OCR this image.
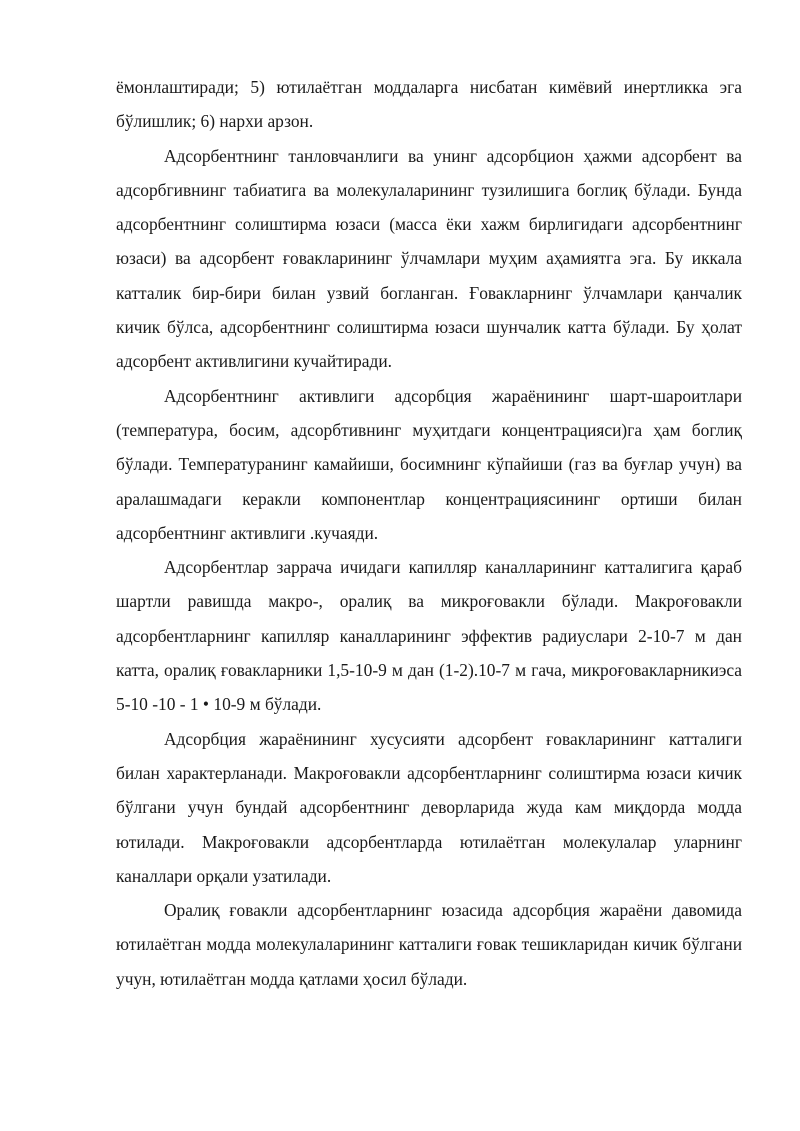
ёмонлаштиради; 5) ютилаётган моддаларга нисбатан кимёвий инертликка эга бўлишлик; 6) нархи арзон.

Адсорбентнинг танловчанлиги ва унинг адсорбцион ҳажми адсорбент ва адсорбгивнинг табиатига ва молекулаларининг тузилишига боглиқ бўлади. Бунда адсорбентнинг солиштирма юзаси (масса ёки хажм бирлигидаги адсорбентнинг юзаси) ва адсорбент ғовакларининг ўлчамлари муҳим аҳамиятга эга. Бу иккала катталик бир-бири билан узвий богланган. Ғовакларнинг ўлчамлари қанчалик кичик бўлса, адсорбентнинг солиштирма юзаси шунчалик катта бўлади. Бу ҳолат адсорбент активлигини кучайтиради.

Адсорбентнинг активлиги адсорбция жараёнининг шарт-шароитлари (температура, босим, адсорбтивнинг муҳитдаги концентрацияси)га ҳам боглиқ бўлади. Температуранинг камайиши, босимнинг кўпайиши (газ ва буғлар учун) ва аралашмадаги керакли компонентлар концентрациясининг ортиши билан адсорбентнинг активлиги .кучаяди.

Адсорбентлар заррача ичидаги капилляр каналларининг катталигига қараб шартли равишда макро-, оралиқ ва микроғовакли бўлади. Макроғовакли адсорбентларнинг капилляр каналларининг эффектив радиуслари 2-10-7 м дан катта, оралиқ ғовакларники 1,5-10-9 м дан (1-2).10-7 м гача, микроғовакларникиэса 5-10 -10 - 1 • 10-9 м бўлади.

Адсорбция жараёнининг хусусияти адсорбент ғовакларининг катталиги билан характерланади. Макроғовакли адсорбентларнинг солиштирма юзаси кичик бўлгани учун бундай адсорбентнинг деворларида жуда кам миқдорда модда ютилади. Макроғовакли адсорбентларда ютилаётган молекулалар уларнинг каналлари орқали узатилади.

Оралиқ ғовакли адсорбентларнинг юзасида адсорбция жараёни давомида ютилаётган модда молекулаларининг катталиги ғовак тешикларидан кичик бўлгани учун, ютилаётган модда қатлами ҳосил бўлади.
